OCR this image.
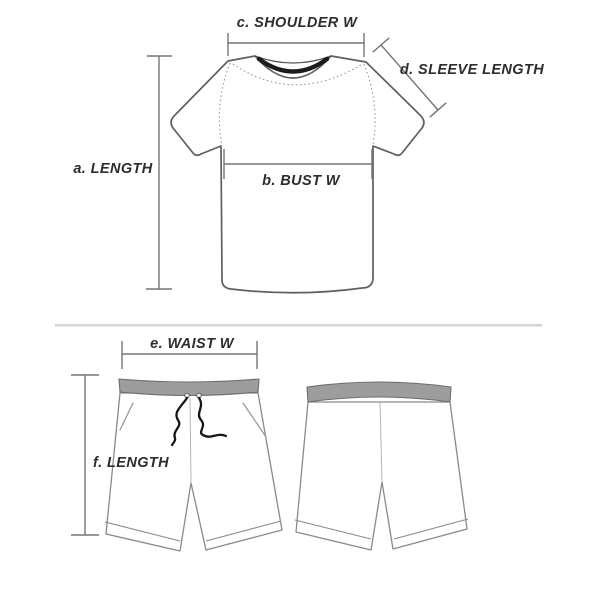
a. LENGTH
c. SHOULDER W
b. BUST W
d. SLEEVE LENGTH
e. WAIST W
f. LENGTH
